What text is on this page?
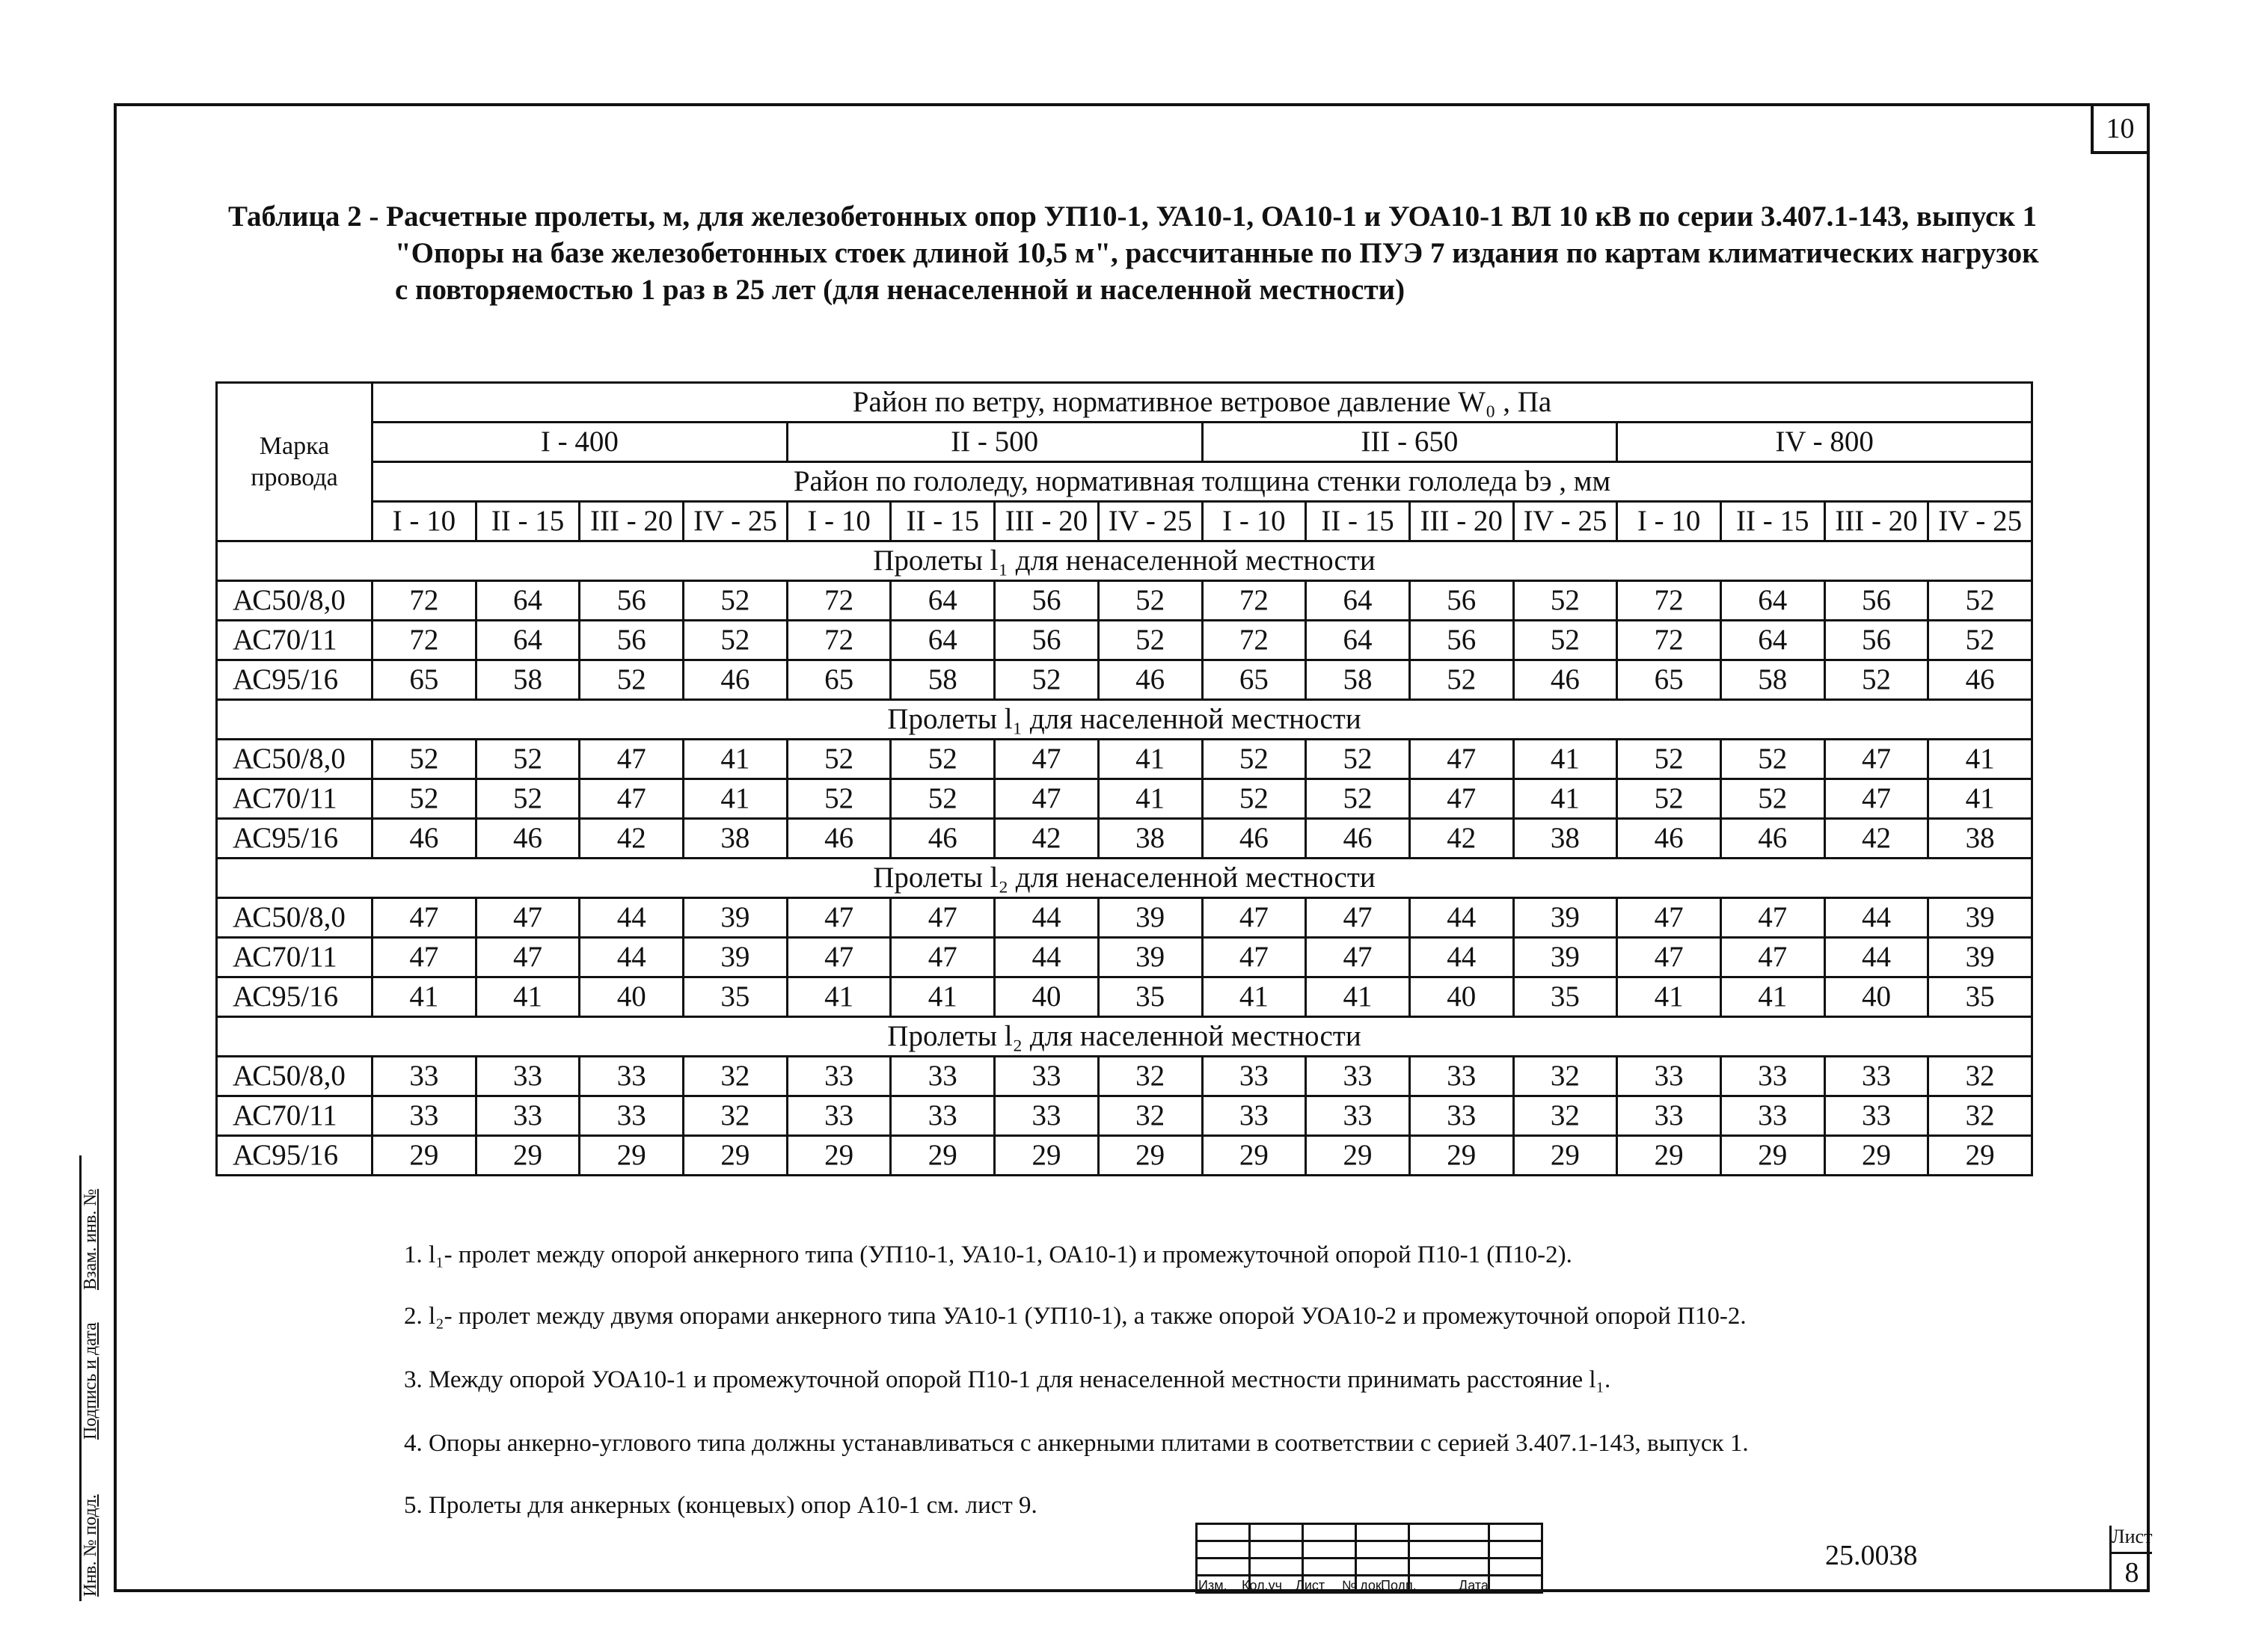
10
Таблица 2 - Расчетные пролеты, м, для железобетонных опор УП10-1, УА10-1, ОА10-1 и УОА10-1 ВЛ 10 кВ по серии 3.407.1-143, выпуск 1
"Опоры на базе железобетонных стоек длиной 10,5 м", рассчитанные по ПУЭ 7 издания по картам климатических нагрузок
с повторяемостью 1 раз в 25 лет (для ненаселенной и населенной местности)
Марка провода	Район по ветру, нормативное ветровое давление W₀ , Па															
	I - 400				II - 500				III - 650				IV - 800			
	Район по гололеду, нормативная толщина стенки гололеда bэ , мм															
	I - 10	II - 15	III - 20	IV - 25	I - 10	II - 15	III - 20	IV - 25	I - 10	II - 15	III - 20	IV - 25	I - 10	II - 15	III - 20	IV - 25
Пролеты l₁ для ненаселенной местности																
АС50/8,0	72	64	56	52	72	64	56	52	72	64	56	52	72	64	56	52
АС70/11	72	64	56	52	72	64	56	52	72	64	56	52	72	64	56	52
АС95/16	65	58	52	46	65	58	52	46	65	58	52	46	65	58	52	46
Пролеты l₁ для населенной местности																
АС50/8,0	52	52	47	41	52	52	47	41	52	52	47	41	52	52	47	41
АС70/11	52	52	47	41	52	52	47	41	52	52	47	41	52	52	47	41
АС95/16	46	46	42	38	46	46	42	38	46	46	42	38	46	46	42	38
Пролеты l₂ для ненаселенной местности																
АС50/8,0	47	47	44	39	47	47	44	39	47	47	44	39	47	47	44	39
АС70/11	47	47	44	39	47	47	44	39	47	47	44	39	47	47	44	39
АС95/16	41	41	40	35	41	41	40	35	41	41	40	35	41	41	40	35
Пролеты l₂ для населенной местности																
АС50/8,0	33	33	33	32	33	33	33	32	33	33	33	32	33	33	33	32
АС70/11	33	33	33	32	33	33	33	32	33	33	33	32	33	33	33	32
АС95/16	29	29	29	29	29	29	29	29	29	29	29	29	29	29	29	29
1. l₁- пролет между опорой анкерного типа (УП10-1, УА10-1, ОА10-1) и промежуточной опорой П10-1 (П10-2).
2. l₂- пролет между двумя опорами анкерного типа УА10-1 (УП10-1), а также опорой УОА10-2 и промежуточной опорой П10-2.
3. Между опорой УОА10-1 и промежуточной опорой П10-1 для ненаселенной местности принимать расстояние l₁.
4. Опоры анкерно-углового типа должны устанавливаться с анкерными плитами в соответствии с серией 3.407.1-143, выпуск 1.
5. Пролеты для анкерных (концевых) опор А10-1 см. лист 9.

Изм. Кол.уч Лист № док.
Подп.	Дата
25.0038
Лист
8
Инв. № подл.
Подпись и дата
Взам. инв. №
